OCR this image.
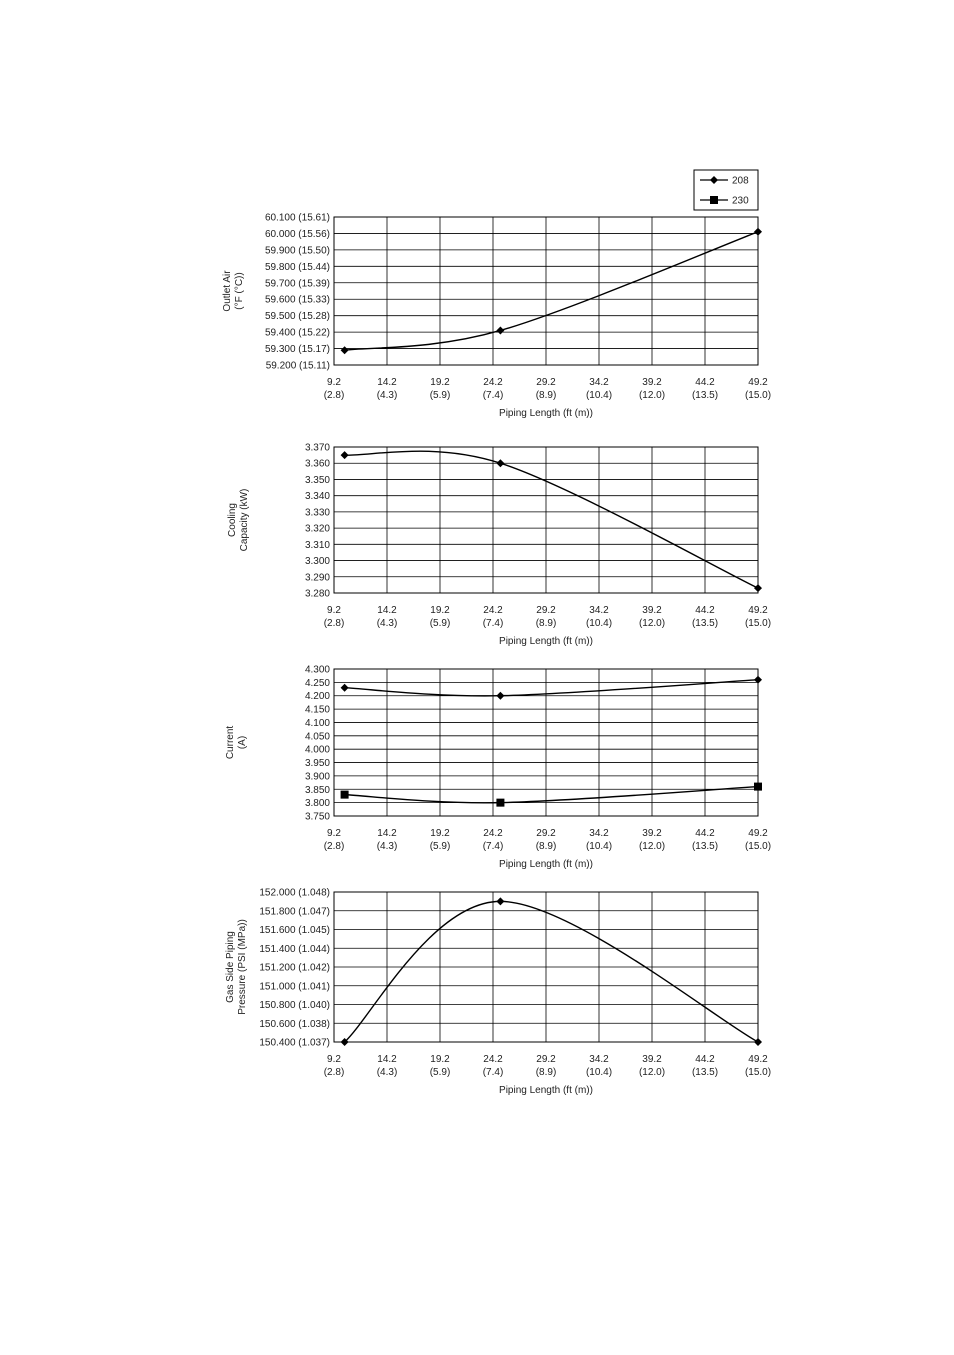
208
230
60.100 (15.61)
60.000 (15.56)
59.900 (15.50)
59.800 (15.44)
59.700 (15.39)
59.600 (15.33)
59.500 (15.28)
59.400 (15.22)
59.300 (15.17)
59.200 (15.11)
9.2
(2.8)
14.2
(4.3)
19.2
(5.9)
24.2
(7.4)
29.2
(8.9)
34.2
(10.4)
39.2
(12.0)
44.2
(13.5)
49.2
(15.0)
Piping Length (ft (m))
Outlet Air(°F (°C))
3.370
3.360
3.350
3.340
3.330
3.320
3.310
3.300
3.290
3.280
9.2
(2.8)
14.2
(4.3)
19.2
(5.9)
24.2
(7.4)
29.2
(8.9)
34.2
(10.4)
39.2
(12.0)
44.2
(13.5)
49.2
(15.0)
Piping Length (ft (m))
CoolingCapacity (kW)
4.300
4.250
4.200
4.150
4.100
4.050
4.000
3.950
3.900
3.850
3.800
3.750
9.2
(2.8)
14.2
(4.3)
19.2
(5.9)
24.2
(7.4)
29.2
(8.9)
34.2
(10.4)
39.2
(12.0)
44.2
(13.5)
49.2
(15.0)
Piping Length (ft (m))
Current(A)
152.000 (1.048)
151.800 (1.047)
151.600 (1.045)
151.400 (1.044)
151.200 (1.042)
151.000 (1.041)
150.800 (1.040)
150.600 (1.038)
150.400 (1.037)
9.2
(2.8)
14.2
(4.3)
19.2
(5.9)
24.2
(7.4)
29.2
(8.9)
34.2
(10.4)
39.2
(12.0)
44.2
(13.5)
49.2
(15.0)
Piping Length (ft (m))
Gas Side PipingPressure (PSI (MPa))
